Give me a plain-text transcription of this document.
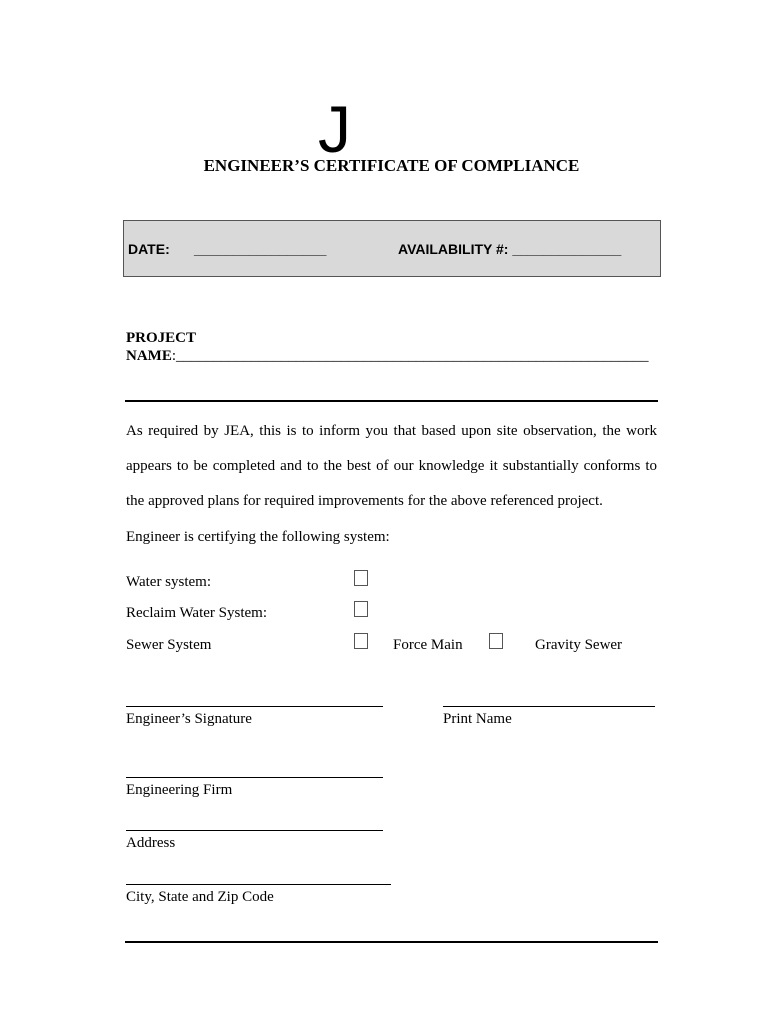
J
ENGINEER’S CERTIFICATE OF COMPLIANCE
DATE: _________________	AVAILABILITY #: ______________
PROJECT
NAME:_______________________________________________________________
As required by JEA, this is to inform you that based upon site observation, the work
appears to be completed and to the best of our knowledge it substantially conforms to
the approved plans for required improvements for the above referenced project.
Engineer is certifying the following system:
Water system:
Reclaim Water System:
Sewer System	Force Main	Gravity Sewer
Engineer’s Signature	Print Name
Engineering Firm
Address
City, State and Zip Code
